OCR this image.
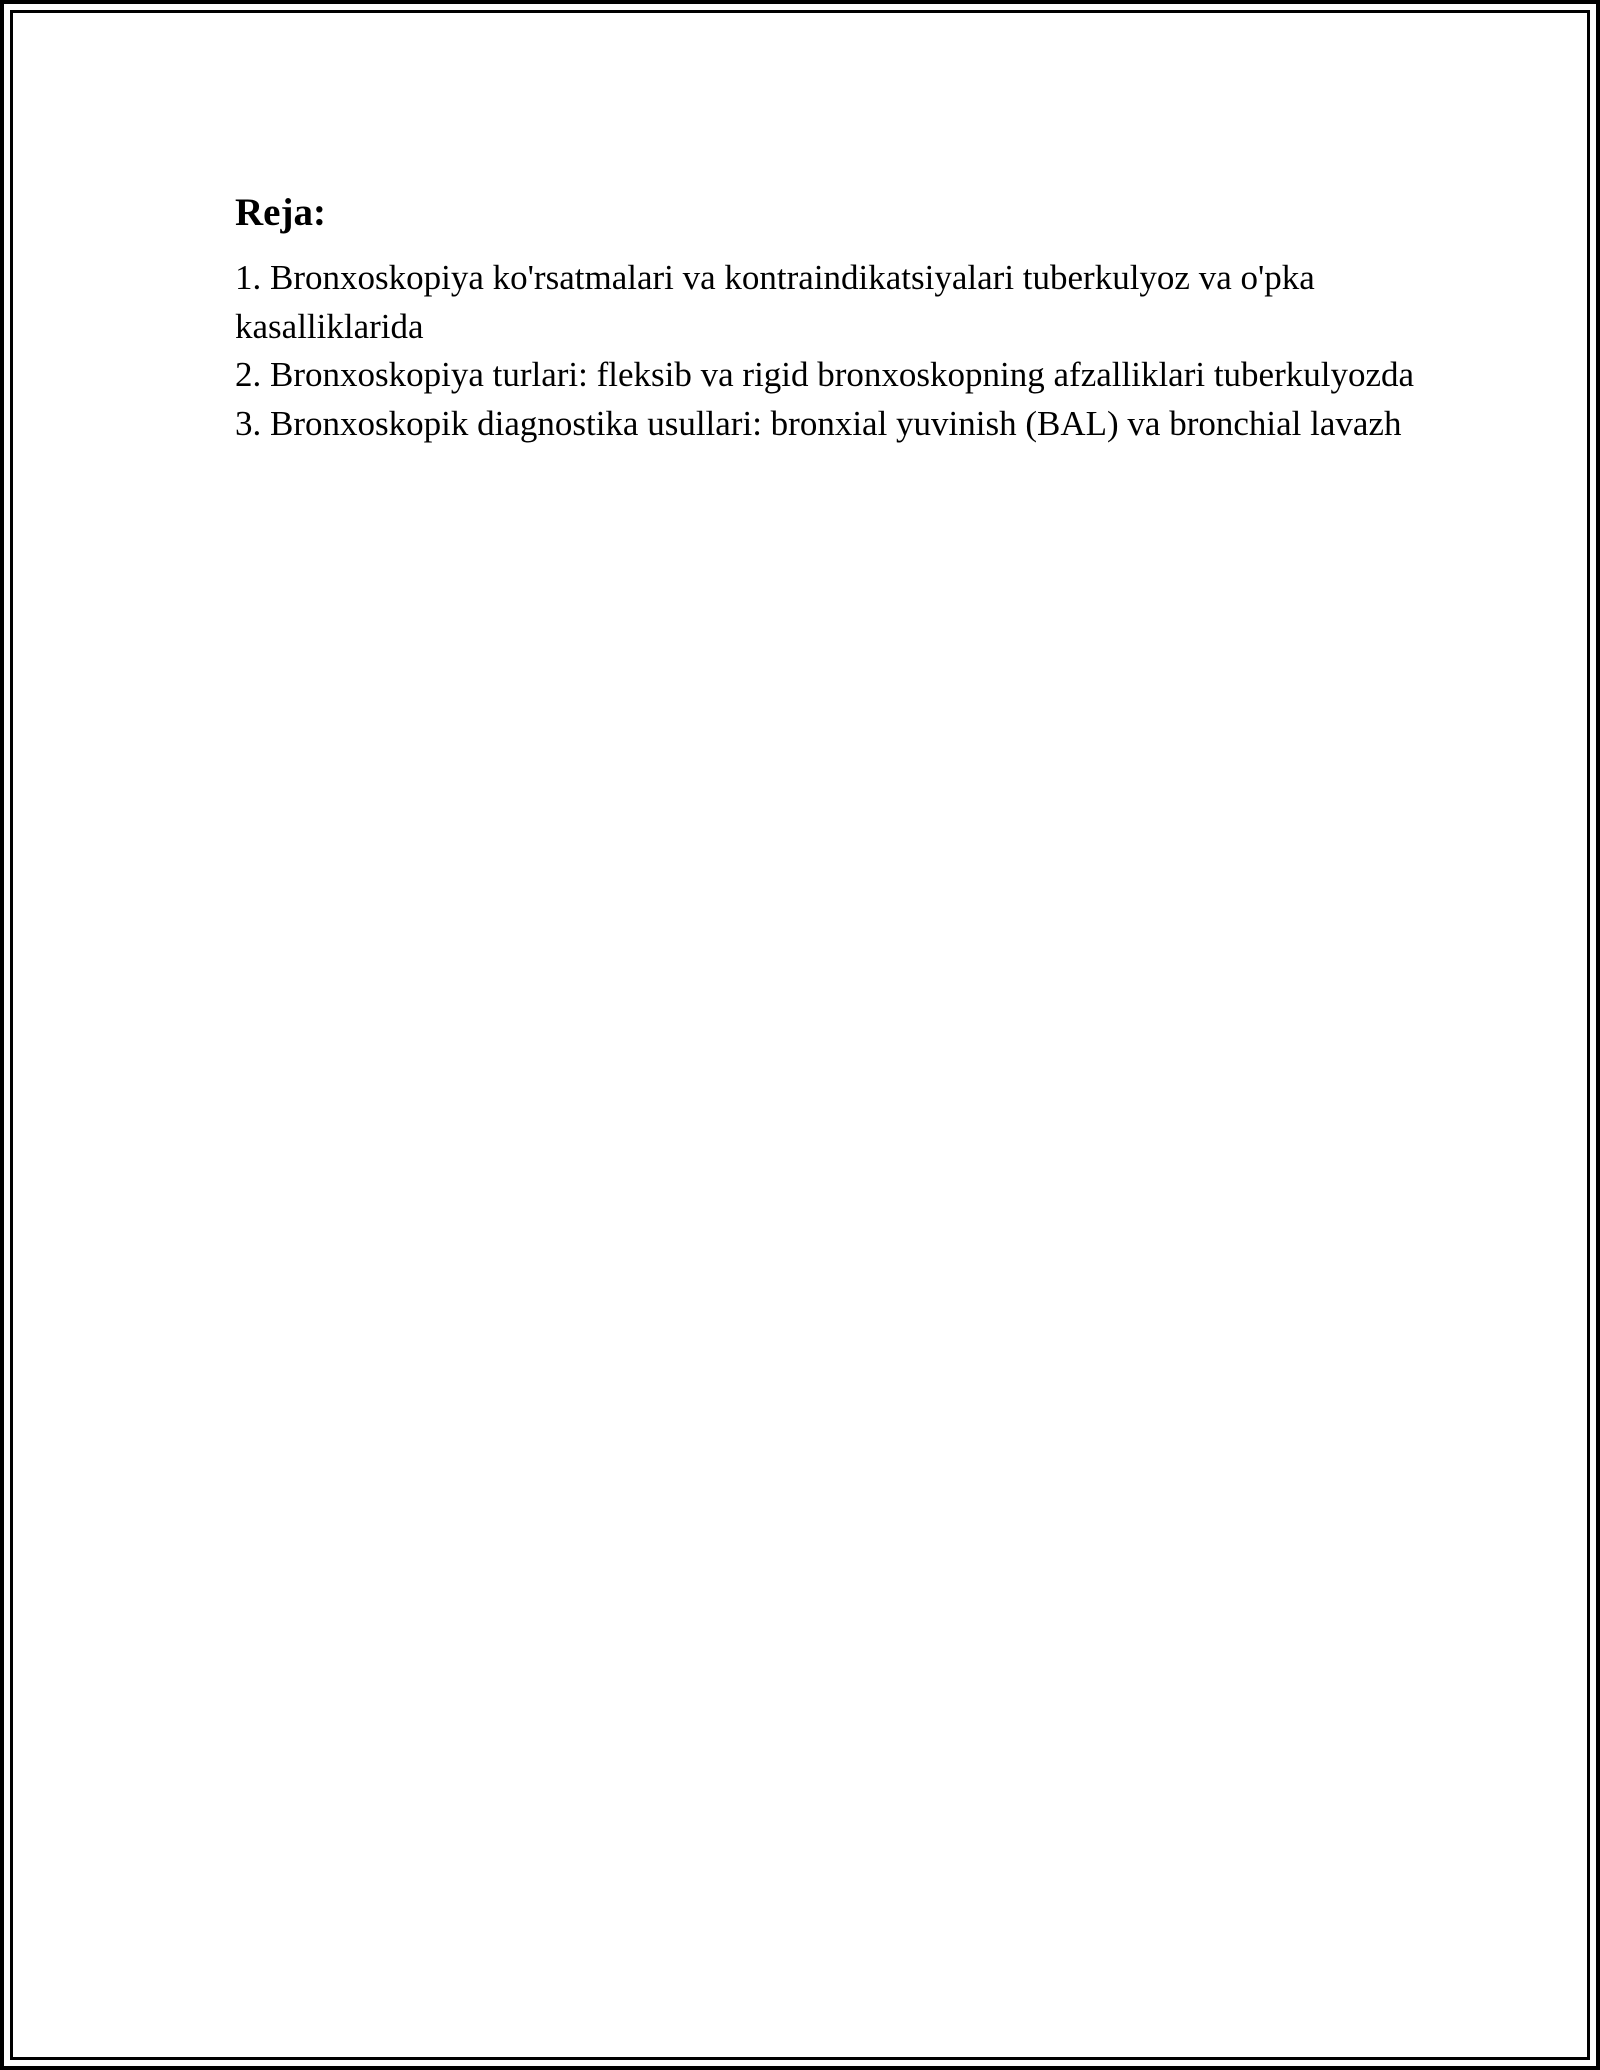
Reja:
1. Bronxoskopiya ko'rsatmalari va kontraindikatsiyalari tuberkulyoz va o'pka kasalliklarida
2. Bronxoskopiya turlari: fleksib va rigid bronxoskopning afzalliklari tuberkulyozda
3. Bronxoskopik diagnostika usullari: bronxial yuvinish (BAL) va bronchial lavazh
